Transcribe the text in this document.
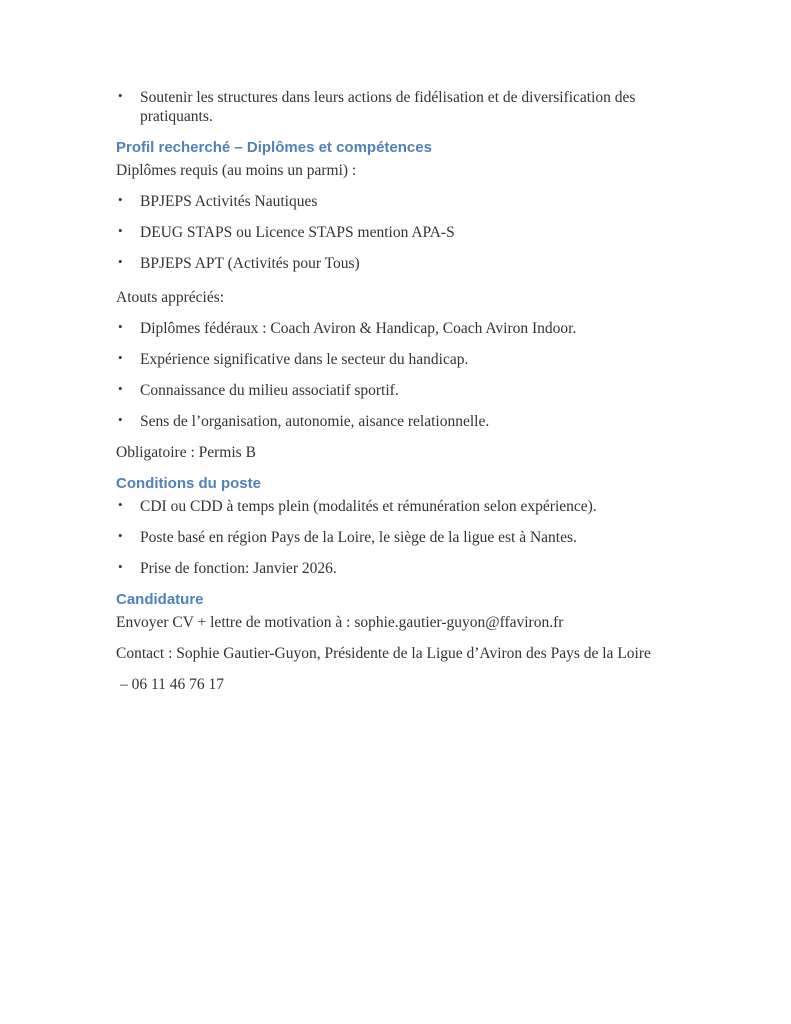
• Soutenir les structures dans leurs actions de fidélisation et de diversification des pratiquants.
Profil recherché – Diplômes et compétences

Diplômes requis (au moins un parmi) :

• BPJEPS Activités Nautiques
• DEUG STAPS ou Licence STAPS mention APA-S
• BPJEPS APT (Activités pour Tous)

Atouts appréciés:

• Diplômes fédéraux : Coach Aviron & Handicap, Coach Aviron Indoor.
• Expérience significative dans le secteur du handicap.
• Connaissance du milieu associatif sportif.
• Sens de l’organisation, autonomie, aisance relationnelle.

Obligatoire : Permis B

Conditions du poste
• CDI ou CDD à temps plein (modalités et rémunération selon expérience).
• Poste basé en région Pays de la Loire, le siège de la ligue est à Nantes.
• Prise de fonction: Janvier 2026.
Candidature

Envoyer CV + lettre de motivation à : sophie.gautier-guyon@ffaviron.fr

Contact : Sophie Gautier-Guyon, Présidente de la Ligue d’Aviron des Pays de la Loire

– 06 11 46 76 17
